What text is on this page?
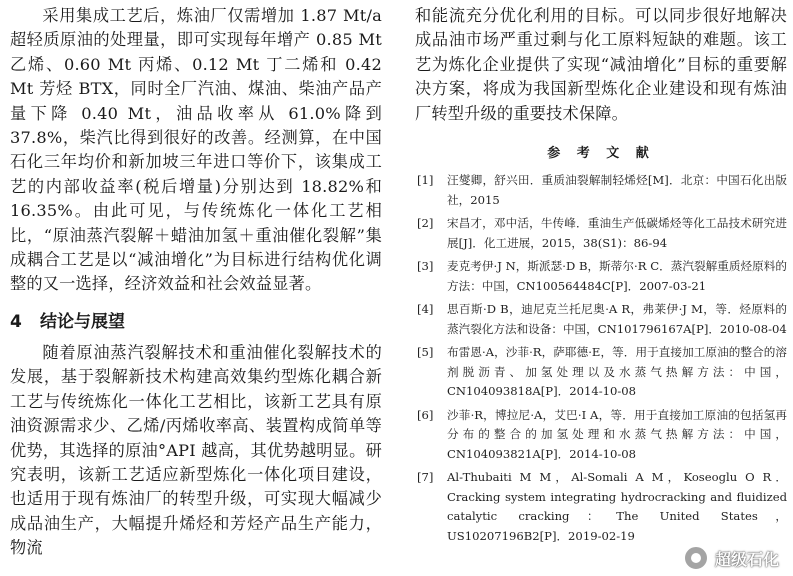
采用集成工艺后，炼油厂仅需增加 1.87 Mt/a 超轻质原油的处理量，即可实现每年增产 0.85 Mt 乙烯、0.60 Mt 丙烯、0.12 Mt 丁二烯和 0.42 Mt 芳烃 BTX，同时全厂汽油、煤油、柴油产品产量下降 0.40 Mt，油品收率从 61.0%降到 37.8%，柴汽比得到很好的改善。经测算，在中国石化三年均价和新加坡三年进口等价下，该集成工艺的内部收益率(税后增量)分别达到 18.82%和 16.35%。由此可见，与传统炼化一体化工艺相比，“原油蒸汽裂解＋蜡油加氢＋重油催化裂解”集成耦合工艺是以“减油增化”为目标进行结构优化调整的又一选择，经济效益和社会效益显著。

4 结论与展望

随着原油蒸汽裂解技术和重油催化裂解技术的发展，基于裂解新技术构建高效集约型炼化耦合新工艺与传统炼化一体化工艺相比，该新工艺具有原油资源需求少、乙烯/丙烯收率高、装置构成简单等优势，其选择的原油°API 越高，其优势越明显。研究表明，该新工艺适应新型炼化一体化项目建设，也适用于现有炼油厂的转型升级，可实现大幅减少成品油生产，大幅提升烯烃和芳烃产品生产能力，物流

和能流充分优化利用的目标。可以同步很好地解决成品油市场严重过剩与化工原料短缺的难题。该工艺为炼化企业提供了实现“减油增化”目标的重要解决方案，将成为我国新型炼化企业建设和现有炼油厂转型升级的重要技术保障。

参 考 文 献
[1] 汪燮卿，舒兴田．重质油裂解制轻烯烃[M]．北京：中国石化出版社，2015
[2] 宋昌才，邓中活，牛传峰．重油生产低碳烯烃等化工品技术研究进展[J]．化工进展，2015，38(S1)：86-94
[3] 麦克考伊·J N，斯派瑟·D B，斯蒂尔·R C．蒸汽裂解重质烃原料的方法：中国，CN100564484C[P]．2007-03-21
[4] 思百斯·D B，迪尼克兰托尼奥·A R，弗莱伊·J M，等．烃原料的蒸汽裂化方法和设备：中国，CN101796167A[P]．2010-08-04
[5] 布雷恩·A，沙菲·R，萨耶德·E，等．用于直接加工原油的整合的溶剂脱沥青、加氢处理以及水蒸气热解方法：中国，CN104093818A[P]．2014-10-08
[6] 沙菲·R，博拉尼·A，艾巴·I A，等．用于直接加工原油的包括氢再分布的整合的加氢处理和水蒸气热解方法：中国，CN104093821A[P]．2014-10-08
[7] Al-Thubaiti M M，Al-Somali A M，Koseoglu O R．Cracking system integrating hydrocracking and fluidized catalytic cracking：The United States，US10207196B2[P]．2019-02-19
超级石化
